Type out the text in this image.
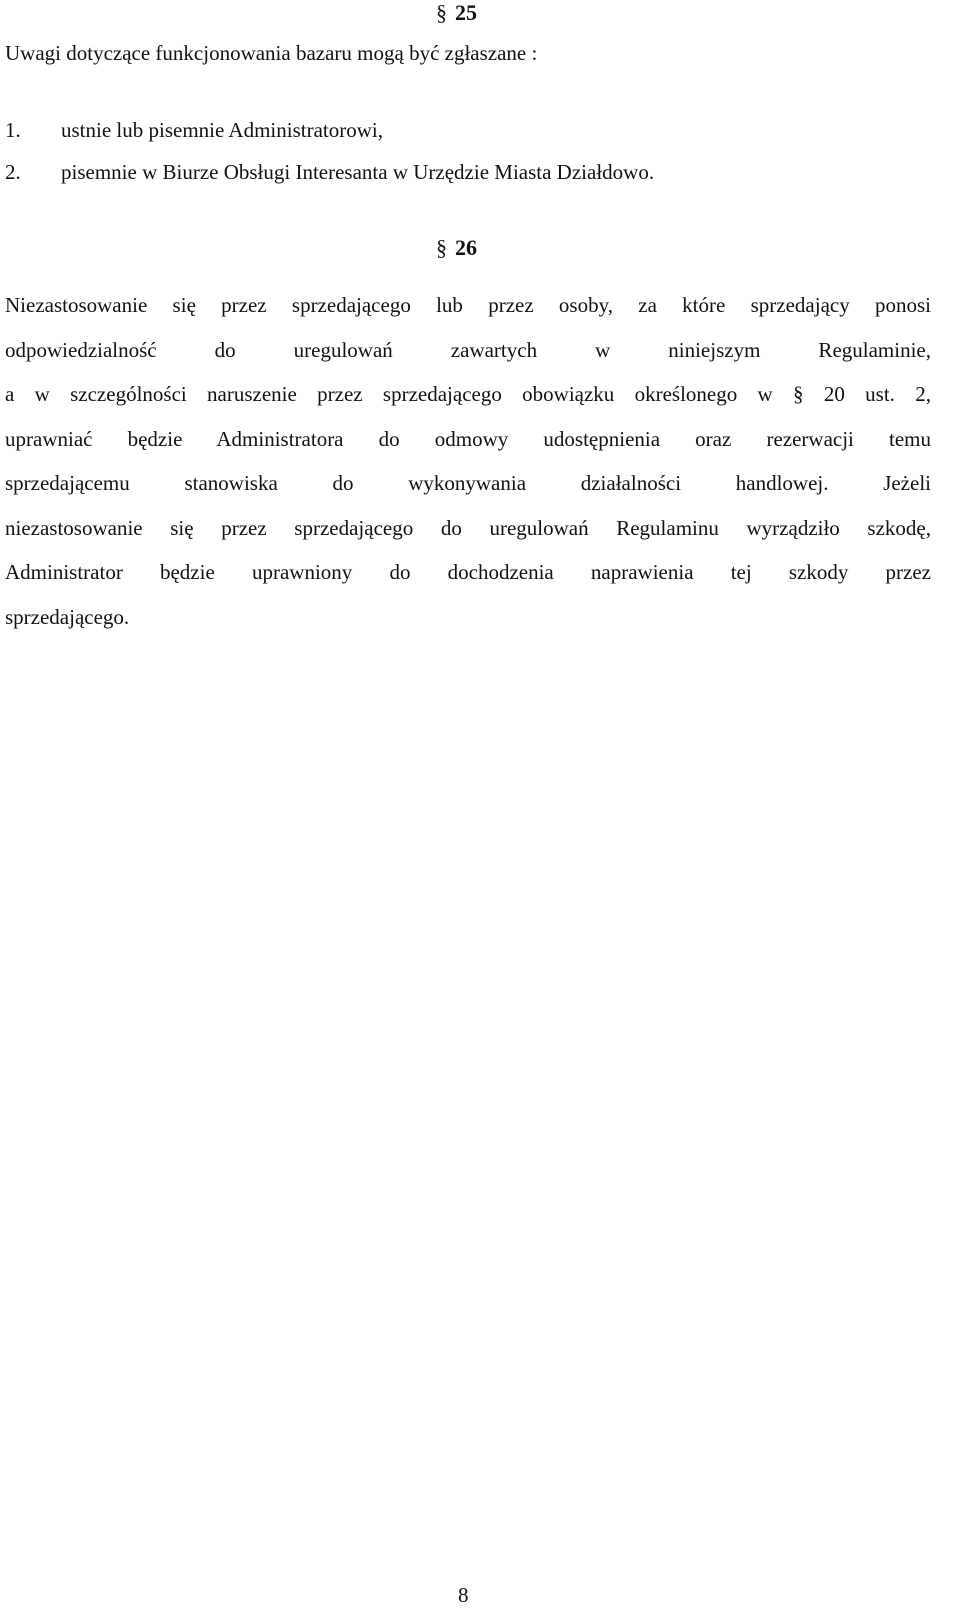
§ 25
Uwagi dotyczące funkcjonowania bazaru mogą być zgłaszane :
1. ustnie lub pisemnie Administratorowi,
2. pisemnie w Biurze Obsługi Interesanta w Urzędzie Miasta Działdowo.
§ 26
Niezastosowanie się przez sprzedającego lub przez osoby, za które sprzedający ponosi
odpowiedzialność do uregulowań zawartych w niniejszym Regulaminie,
a w szczególności naruszenie przez sprzedającego obowiązku określonego w § 20 ust. 2,
uprawniać będzie Administratora do odmowy udostępnienia oraz rezerwacji temu
sprzedającemu stanowiska do wykonywania działalności handlowej. Jeżeli
niezastosowanie się przez sprzedającego do uregulowań Regulaminu wyrządziło szkodę,
Administrator będzie uprawniony do dochodzenia naprawienia tej szkody przez
sprzedającego.
8
